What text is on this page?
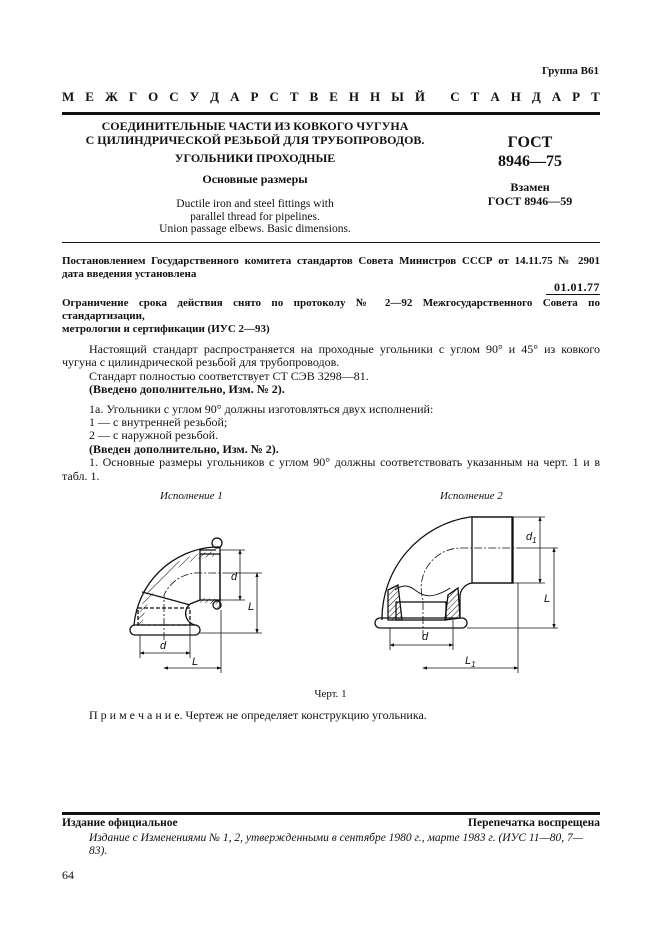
Группа В61
М Е Ж Г О С У Д А Р С Т В Е Н Н Ы Й
С Т А Н Д А Р Т
СОЕДИНИТЕЛЬНЫЕ ЧАСТИ ИЗ КОВКОГО ЧУГУНА
С ЦИЛИНДРИЧЕСКОЙ РЕЗЬБОЙ ДЛЯ ТРУБОПРОВОДОВ.
УГОЛЬНИКИ ПРОХОДНЫЕ
Основные размеры
Ductile iron and steel fittings with
parallel thread for pipelines.
Union passage elbews. Basic dimensions.
ГОСТ
8946—75
Взамен
ГОСТ 8946—59
Постановлением Государственного комитета стандартов Совета Министров СССР от 14.11.75 № 2901
дата введения установлена
01.01.77
Ограничение срока действия снято по протоколу № 2—92 Межгосударственного Совета по стандартизации,
метрологии и сертификации (ИУС 2—93)

Настоящий стандарт распространяется на проходные угольники с углом 90° и 45° из ковкого чугуна с цилиндрической резьбой для трубопроводов.

Стандарт полностью соответствует СТ СЭВ 3298—81.

(Введено дополнительно, Изм. № 2).

1а. Угольники с углом 90° должны изготовляться двух исполнений:

1 — с внутренней резьбой;

2 — с наружной резьбой.

(Введен дополнительно, Изм. № 2).

1. Основные размеры угольников с углом 90° должны соответствовать указанным на черт. 1 и в табл. 1.

Исполнение 1	Исполнение 2
d
L
d
L
d
$L_1$
$d_1$
L
Черт. 1
П р и м е ч а н и е. Чертеж не определяет конструкцию угольника.
Издание официальное	Перепечатка воспрещена
Издание с Изменениями № 1, 2, утвержденными в сентябре 1980 г., марте 1983 г. (ИУС 11—80, 7—83).
64
